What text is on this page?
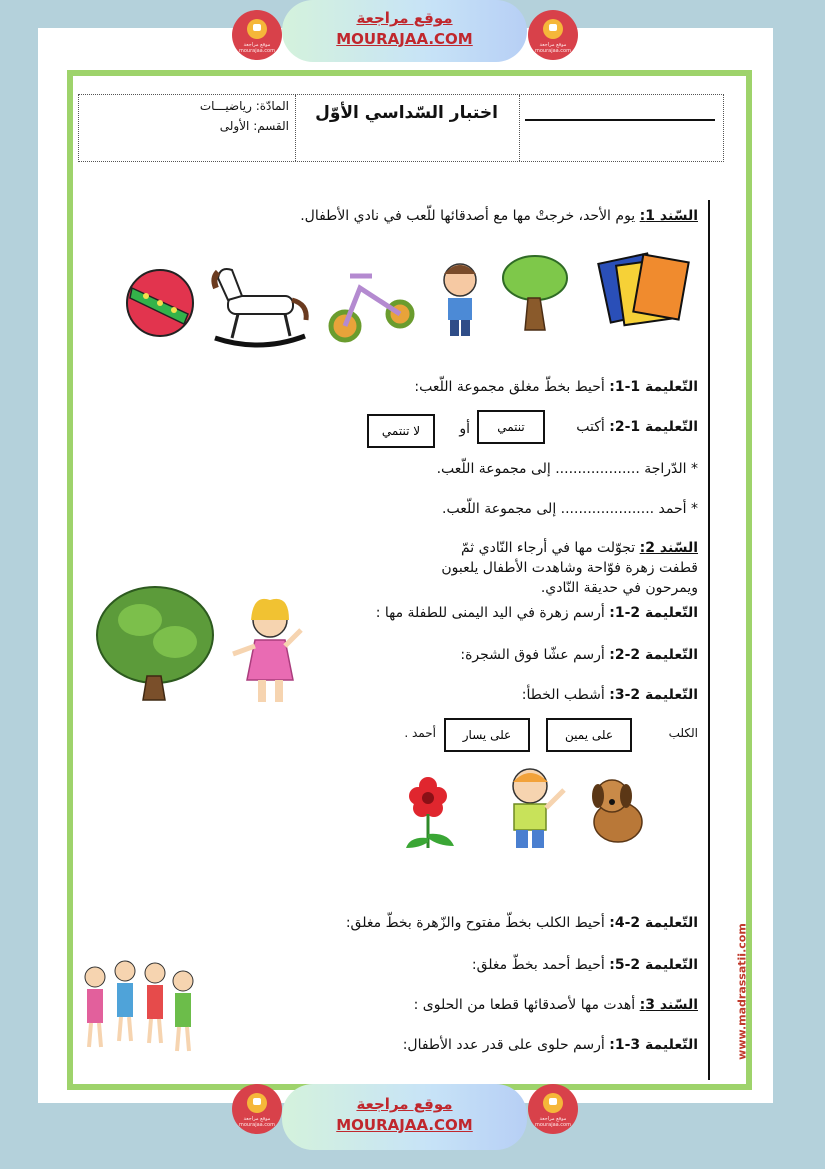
موقع مراجعة mourajaa.com
موقع مراجعة
MOURAJAA.COM	موقع مراجعة mourajaa.com
اختبار السّداسي الأوّل
المادّة: رياضيـــات
القسم: الأولى
السّند 1: يوم الأحد، خرجتْ مها مع أصدقائها للّعب في نادي الأطفال.
التّعليمة 1-1: أحيط بخطّ مغلق مجموعة اللّعب:
التّعليمة 1-2: أكتب
تنتمي
أو
لا تنتمي
* الدّراجة ................... إلى مجموعة اللّعب.
* أحمد ..................... إلى مجموعة اللّعب.
السّند 2: تجوّلت مها في أرجاء النّادي ثمّ قطفت زهرة فوّاحة وشاهدت الأطفال يلعبون ويمرحون في حديقة النّادي.
التّعليمة 2-1: أرسم زهرة في اليد اليمنى للطفلة مها :
التّعليمة 2-2: أرسم عشّا فوق الشجرة:
التّعليمة 2-3: أشطب الخطأ:
الكلب
على يمين
على يسار
أحمد .
التّعليمة 2-4: أحيط الكلب بخطّ مفتوح والزّهرة بخطّ مغلق:
التّعليمة 2-5: أحيط أحمد بخطّ مغلق:
السّند 3: أهدت مها لأصدقائها قطعا من الحلوى :
التّعليمة 3-1: أرسم حلوى على قدر عدد الأطفال:	www.madrassatii.com
موقع مراجعة mourajaa.com
موقع مراجعة
MOURAJAA.COM	موقع مراجعة mourajaa.com
